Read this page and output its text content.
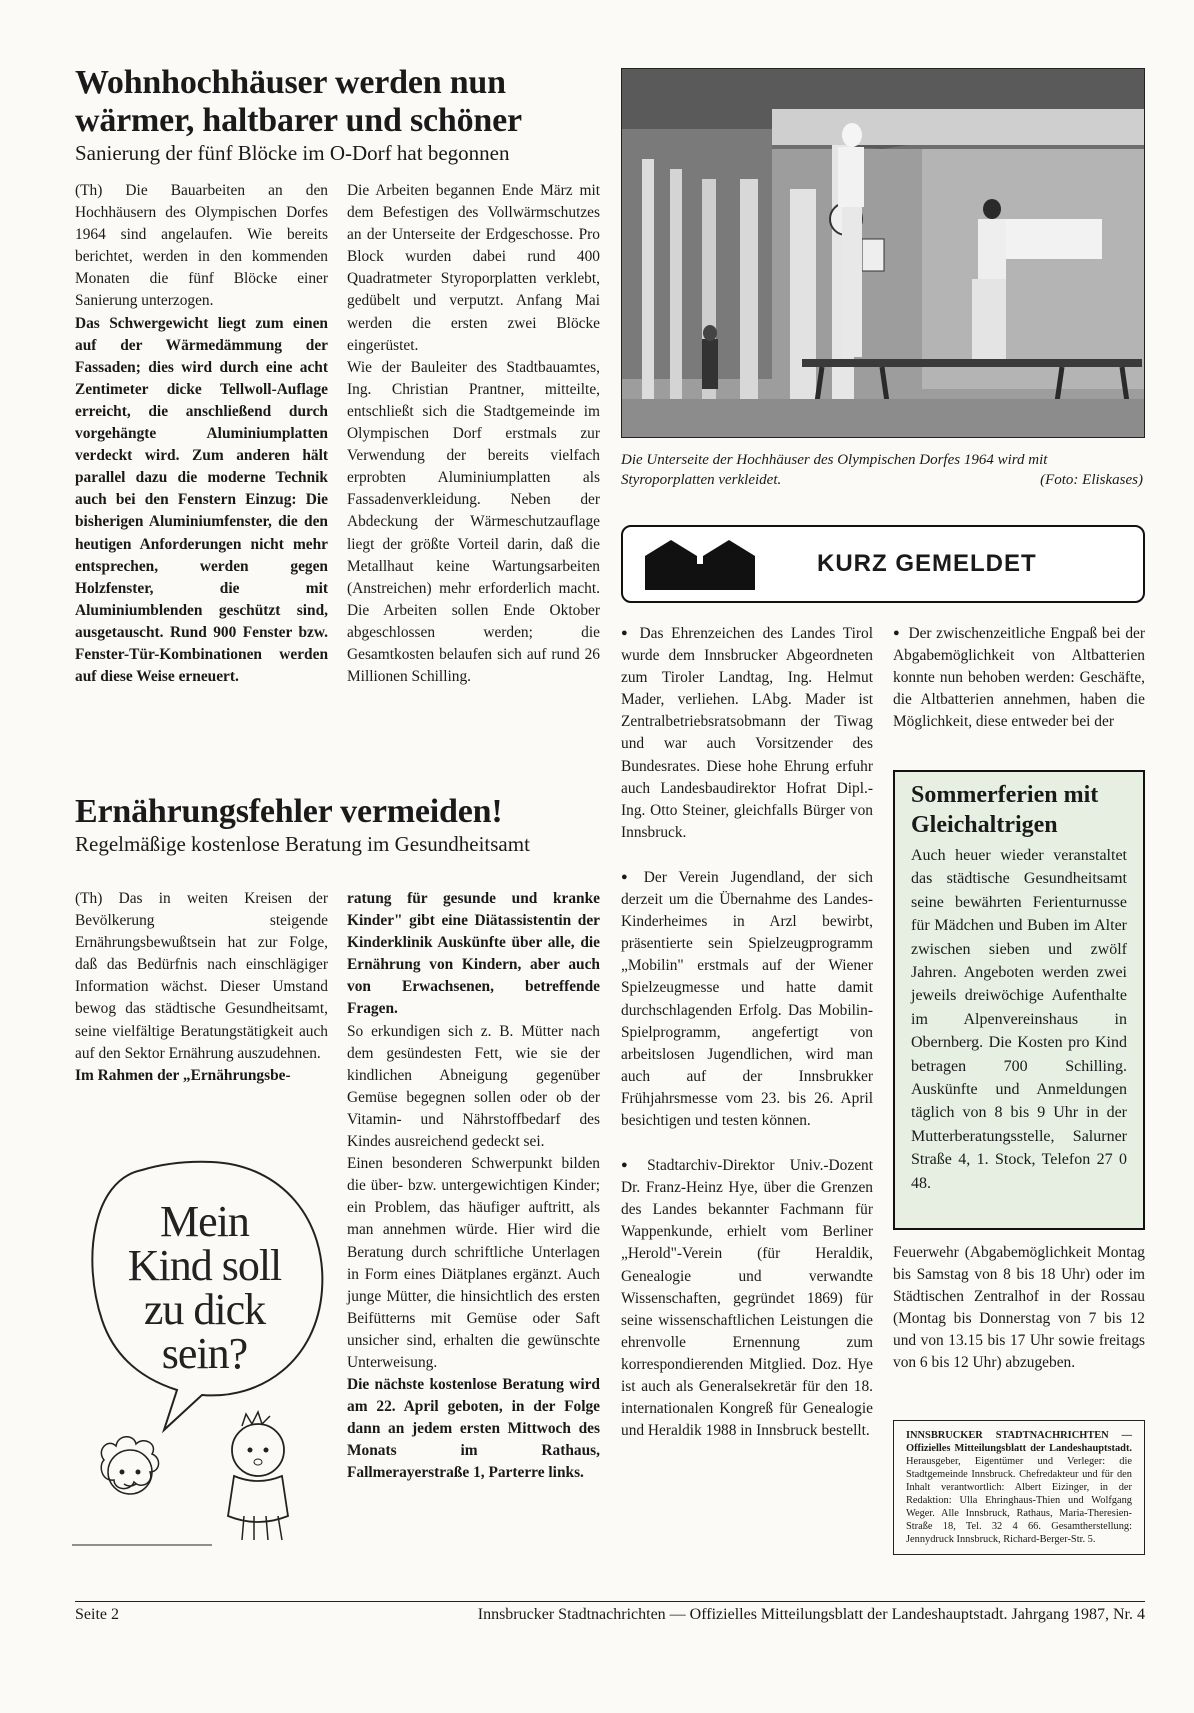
Wohnhochhäuser werden nun
wärmer, haltbarer und schöner

Sanierung der fünf Blöcke im O-Dorf hat begonnen

(Th) Die Bauarbeiten an den Hochhäusern des Olympischen Dorfes 1964 sind angelaufen. Wie bereits berichtet, werden in den kommenden Monaten die fünf Blöcke einer Sanierung unterzogen.

Das Schwergewicht liegt zum einen auf der Wärmedämmung der Fassaden; dies wird durch eine acht Zentimeter dicke Tellwoll-Auflage erreicht, die anschließend durch vorgehängte Aluminiumplatten verdeckt wird. Zum anderen hält parallel dazu die moderne Technik auch bei den Fenstern Einzug: Die bisherigen Aluminiumfenster, die den heutigen Anforderungen nicht mehr entsprechen, werden gegen Holzfenster, die mit Aluminiumblenden geschützt sind, ausgetauscht. Rund 900 Fenster bzw. Fenster-Tür-Kombinationen werden auf diese Weise erneuert.

Die Arbeiten begannen Ende März mit dem Befestigen des Vollwärmschutzes an der Unterseite der Erdgeschosse. Pro Block wurden dabei rund 400 Quadratmeter Styroporplatten verklebt, gedübelt und verputzt. Anfang Mai werden die ersten zwei Blöcke eingerüstet.

Wie der Bauleiter des Stadtbauamtes, Ing. Christian Prantner, mitteilte, entschließt sich die Stadtgemeinde im Olympischen Dorf erstmals zur Verwendung der bereits vielfach erprobten Aluminiumplatten als Fassadenverkleidung. Neben der Abdeckung der Wärmeschutzauflage liegt der größte Vorteil darin, daß die Metallhaut keine Wartungsarbeiten (Anstreichen) mehr erforderlich macht. Die Arbeiten sollen Ende Oktober abgeschlossen werden; die Gesamtkosten belaufen sich auf rund 26 Millionen Schilling.

Die Unterseite der Hochhäuser des Olympischen Dorfes 1964 wird mit Styroporplatten verkleidet.	(Foto: Eliskases)
KURZ GEMELDET

● Das Ehrenzeichen des Landes Tirol wurde dem Innsbrucker Abgeordneten zum Tiroler Landtag, Ing. Helmut Mader, verliehen. LAbg. Mader ist Zentralbetriebsratsobmann der Tiwag und war auch Vorsitzender des Bundesrates. Diese hohe Ehrung erfuhr auch Landesbaudirektor Hofrat Dipl.-Ing. Otto Steiner, gleichfalls Bürger von Innsbruck.

● Der Verein Jugendland, der sich derzeit um die Übernahme des Landes-Kinderheimes in Arzl bewirbt, präsentierte sein Spielzeugprogramm „Mobilin" erstmals auf der Wiener Spielzeugmesse und hatte damit durchschlagenden Erfolg. Das Mobilin-Spielprogramm, angefertigt von arbeitslosen Jugendlichen, wird man auch auf der Innsbrukker Frühjahrsmesse vom 23. bis 26. April besichtigen und testen können.

● Stadtarchiv-Direktor Univ.-Dozent Dr. Franz-Heinz Hye, über die Grenzen des Landes bekannter Fachmann für Wappenkunde, erhielt vom Berliner „Herold"-Verein (für Heraldik, Genealogie und verwandte Wissenschaften, gegründet 1869) für seine wissenschaftlichen Leistungen die ehrenvolle Ernennung zum korrespondierenden Mitglied. Doz. Hye ist auch als Generalsekretär für den 18. internationalen Kongreß für Genealogie und Heraldik 1988 in Innsbruck bestellt.

● Der zwischenzeitliche Engpaß bei der Abgabemöglichkeit von Altbatterien konnte nun behoben werden: Geschäfte, die Altbatterien annehmen, haben die Möglichkeit, diese entweder bei der

Sommerferien mit
Gleichaltrigen

Auch heuer wieder veranstaltet das städtische Gesundheitsamt seine bewährten Ferienturnusse für Mädchen und Buben im Alter zwischen sieben und zwölf Jahren. Angeboten werden zwei jeweils dreiwöchige Aufenthalte im Alpenvereinshaus in Obernberg. Die Kosten pro Kind betragen 700 Schilling. Auskünfte und Anmeldungen täglich von 8 bis 9 Uhr in der Mutterberatungsstelle, Salurner Straße 4, 1. Stock, Telefon 27 0 48.

Feuerwehr (Abgabemöglichkeit Montag bis Samstag von 8 bis 18 Uhr) oder im Städtischen Zentralhof in der Rossau (Montag bis Donnerstag von 7 bis 12 und von 13.15 bis 17 Uhr sowie freitags von 6 bis 12 Uhr) abzugeben.

INNSBRUCKER STADTNACHRICHTEN — Offizielles Mitteilungsblatt der Landeshauptstadt. Herausgeber, Eigentümer und Verleger: die Stadtgemeinde Innsbruck. Chefredakteur und für den Inhalt verantwortlich: Albert Eizinger, in der Redaktion: Ulla Ehringhaus-Thien und Wolfgang Weger. Alle Innsbruck, Rathaus, Maria-Theresien-Straße 18, Tel. 32 4 66. Gesamtherstellung: Jennydruck Innsbruck, Richard-Berger-Str. 5.
Ernährungsfehler vermeiden!

Regelmäßige kostenlose Beratung im Gesundheitsamt

(Th) Das in weiten Kreisen der Bevölkerung steigende Ernährungsbewußtsein hat zur Folge, daß das Bedürfnis nach einschlägiger Information wächst. Dieser Umstand bewog das städtische Gesundheitsamt, seine vielfältige Beratungstätigkeit auch auf den Sektor Ernährung auszudehnen.

Im Rahmen der „Ernährungsbe-

ratung für gesunde und kranke Kinder" gibt eine Diätassistentin der Kinderklinik Auskünfte über alle, die Ernährung von Kindern, aber auch von Erwachsenen, betreffende Fragen.

So erkundigen sich z. B. Mütter nach dem gesündesten Fett, wie sie der kindlichen Abneigung gegenüber Gemüse begegnen sollen oder ob der Vitamin- und Nährstoffbedarf des Kindes ausreichend gedeckt sei.

Einen besonderen Schwerpunkt bilden die über- bzw. untergewichtigen Kinder; ein Problem, das häufiger auftritt, als man annehmen würde. Hier wird die Beratung durch schriftliche Unterlagen in Form eines Diätplanes ergänzt. Auch junge Mütter, die hinsichtlich des ersten Beifütterns mit Gemüse oder Saft unsicher sind, erhalten die gewünschte Unterweisung.

Die nächste kostenlose Beratung wird am 22. April geboten, in der Folge dann an jedem ersten Mittwoch des Monats im Rathaus, Fallmerayerstraße 1, Parterre links.

Mein
Kind soll
zu dick
sein?
Seite 2	Innsbrucker Stadtnachrichten — Offizielles Mitteilungsblatt der Landeshauptstadt. Jahrgang 1987, Nr. 4
